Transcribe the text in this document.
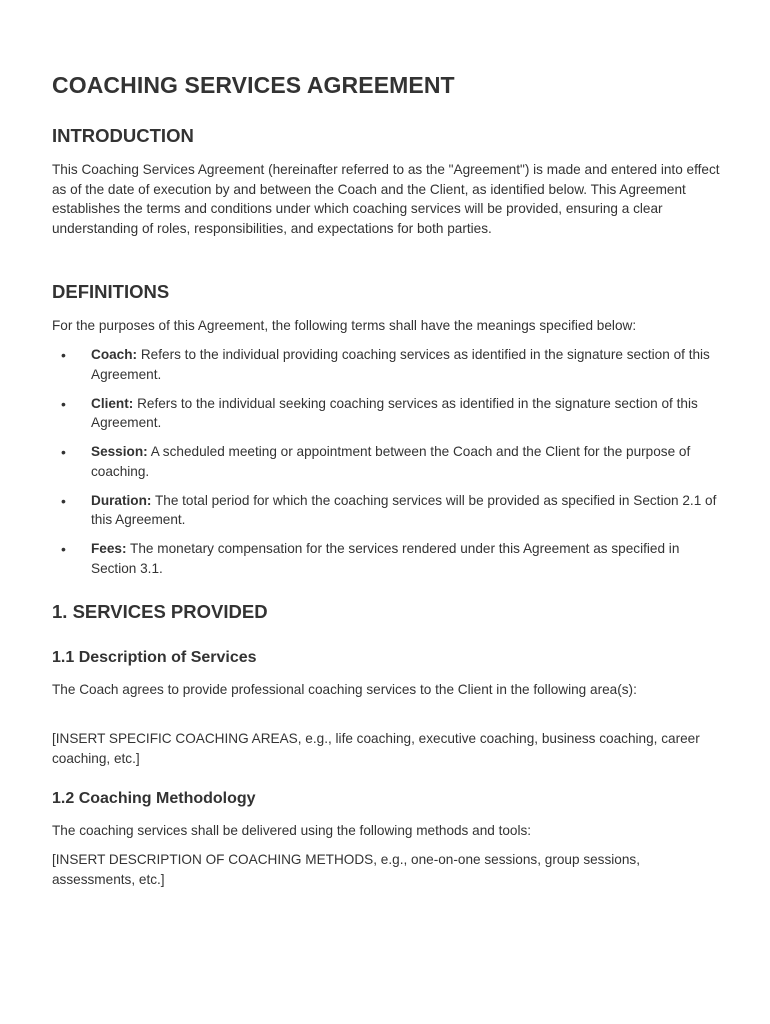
COACHING SERVICES AGREEMENT
INTRODUCTION

This Coaching Services Agreement (hereinafter referred to as the "Agreement") is made and entered into effect as of the date of execution by and between the Coach and the Client, as identified below. This Agreement establishes the terms and conditions under which coaching services will be provided, ensuring a clear understanding of roles, responsibilities, and expectations for both parties.

DEFINITIONS

For the purposes of this Agreement, the following terms shall have the meanings specified below:

• Coach: Refers to the individual providing coaching services as identified in the signature section of this Agreement.
• Client: Refers to the individual seeking coaching services as identified in the signature section of this Agreement.
• Session: A scheduled meeting or appointment between the Coach and the Client for the purpose of coaching.
• Duration: The total period for which the coaching services will be provided as specified in Section 2.1 of this Agreement.
• Fees: The monetary compensation for the services rendered under this Agreement as specified in Section 3.1.
1. SERVICES PROVIDED
1.1 Description of Services

The Coach agrees to provide professional coaching services to the Client in the following area(s):

[INSERT SPECIFIC COACHING AREAS, e.g., life coaching, executive coaching, business coaching, career coaching, etc.]

1.2 Coaching Methodology

The coaching services shall be delivered using the following methods and tools:

[INSERT DESCRIPTION OF COACHING METHODS, e.g., one-on-one sessions, group sessions, assessments, etc.]
